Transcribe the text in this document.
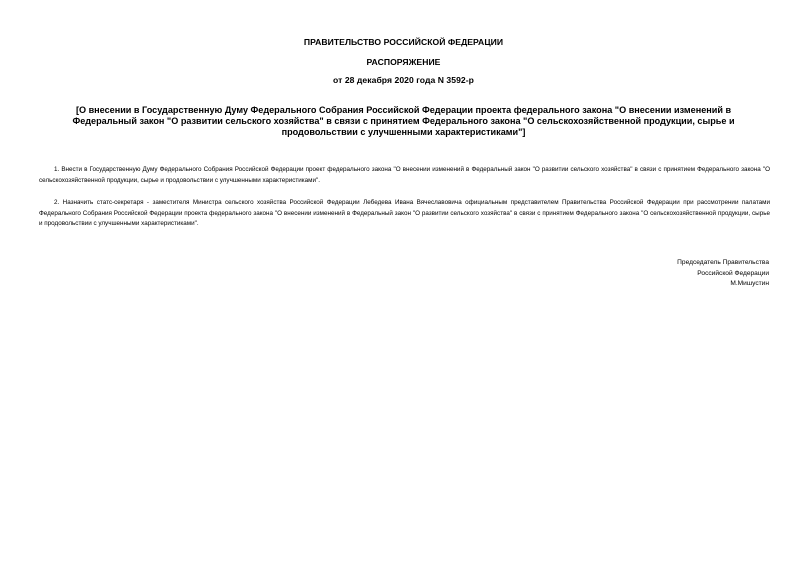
ПРАВИТЕЛЬСТВО РОССИЙСКОЙ ФЕДЕРАЦИИ
РАСПОРЯЖЕНИЕ
от 28 декабря 2020 года N 3592-р
[О внесении в Государственную Думу Федерального Собрания Российской Федерации проекта федерального закона "О внесении изменений в Федеральный закон "О развитии сельского хозяйства" в связи с принятием Федерального закона "О сельскохозяйственной продукции, сырье и продовольствии с улучшенными характеристиками"]
1. Внести в Государственную Думу Федерального Собрания Российской Федерации проект федерального закона "О внесении изменений в Федеральный закон "О развитии сельского хозяйства" в связи с принятием Федерального закона "О сельскохозяйственной продукции, сырье и продовольствии с улучшенными характеристиками".
2. Назначить статс-секретаря - заместителя Министра сельского хозяйства Российской Федерации Лебедева Ивана Вячеславовича официальным представителем Правительства Российской Федерации при рассмотрении палатами Федерального Собрания Российской Федерации проекта федерального закона "О внесении изменений в Федеральный закон "О развитии сельского хозяйства" в связи с принятием Федерального закона "О сельскохозяйственной продукции, сырье и продовольствии с улучшенными характеристиками".
Председатель Правительства
Российской Федерации
М.Мишустин
